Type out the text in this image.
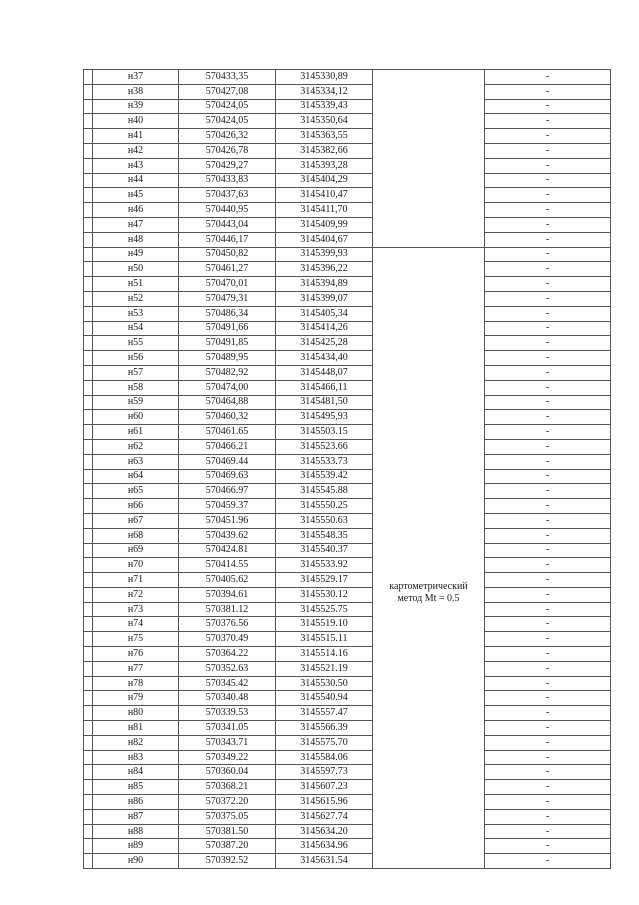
	н37	570433,35	3145330,89		-
	н38	570427,08	3145334,12		-
	н39	570424,05	3145339,43		-
	н40	570424,05	3145350,64		-
	н41	570426,32	3145363,55		-
	н42	570426,78	3145382,66		-
	н43	570429,27	3145393,28		-
	н44	570433,83	3145404,29		-
	н45	570437,63	3145410,47		-
	н46	570440,95	3145411,70		-
	н47	570443,04	3145409,99		-
	н48	570446,17	3145404,67		-
	н49	570450,82	3145399,93	картометрический
метод Mt = 0.5	-
	н50	570461,27	3145396,22		-
	н51	570470,01	3145394,89		-
	н52	570479,31	3145399,07		-
	н53	570486,34	3145405,34		-
	н54	570491,66	3145414,26		-
	н55	570491,85	3145425,28		-
	н56	570489,95	3145434,40		-
	н57	570482,92	3145448,07		-
	н58	570474,00	3145466,11		-
	н59	570464,88	3145481,50		-
	н60	570460,32	3145495,93		-
	н61	570461.65	3145503.15		-
	н62	570466.21	3145523.66		-
	н63	570469.44	3145533.73		-
	н64	570469.63	3145539.42		-
	н65	570466.97	3145545.88		-
	н66	570459.37	3145550.25		-
	н67	570451.96	3145550.63		-
	н68	570439.62	3145548.35		-
	н69	570424.81	3145540.37		-
	н70	570414.55	3145533.92		-
	н71	570405.62	3145529.17		-
	н72	570394.61	3145530.12		-
	н73	570381.12	3145525.75		-
	н74	570376.56	3145519.10		-
	н75	570370.49	3145515.11		-
	н76	570364.22	3145514.16		-
	н77	570352.63	3145521.19		-
	н78	570345.42	3145530.50		-
	н79	570340.48	3145540.94		-
	н80	570339.53	3145557.47		-
	н81	570341.05	3145566.39		-
	н82	570343.71	3145575.70		-
	н83	570349.22	3145584.06		-
	н84	570360.04	3145597.73		-
	н85	570368.21	3145607.23		-
	н86	570372.20	3145615.96		-
	н87	570375.05	3145627.74		-
	н88	570381.50	3145634.20		-
	н89	570387.20	3145634.96		-
	н90	570392.52	3145631.54		-
